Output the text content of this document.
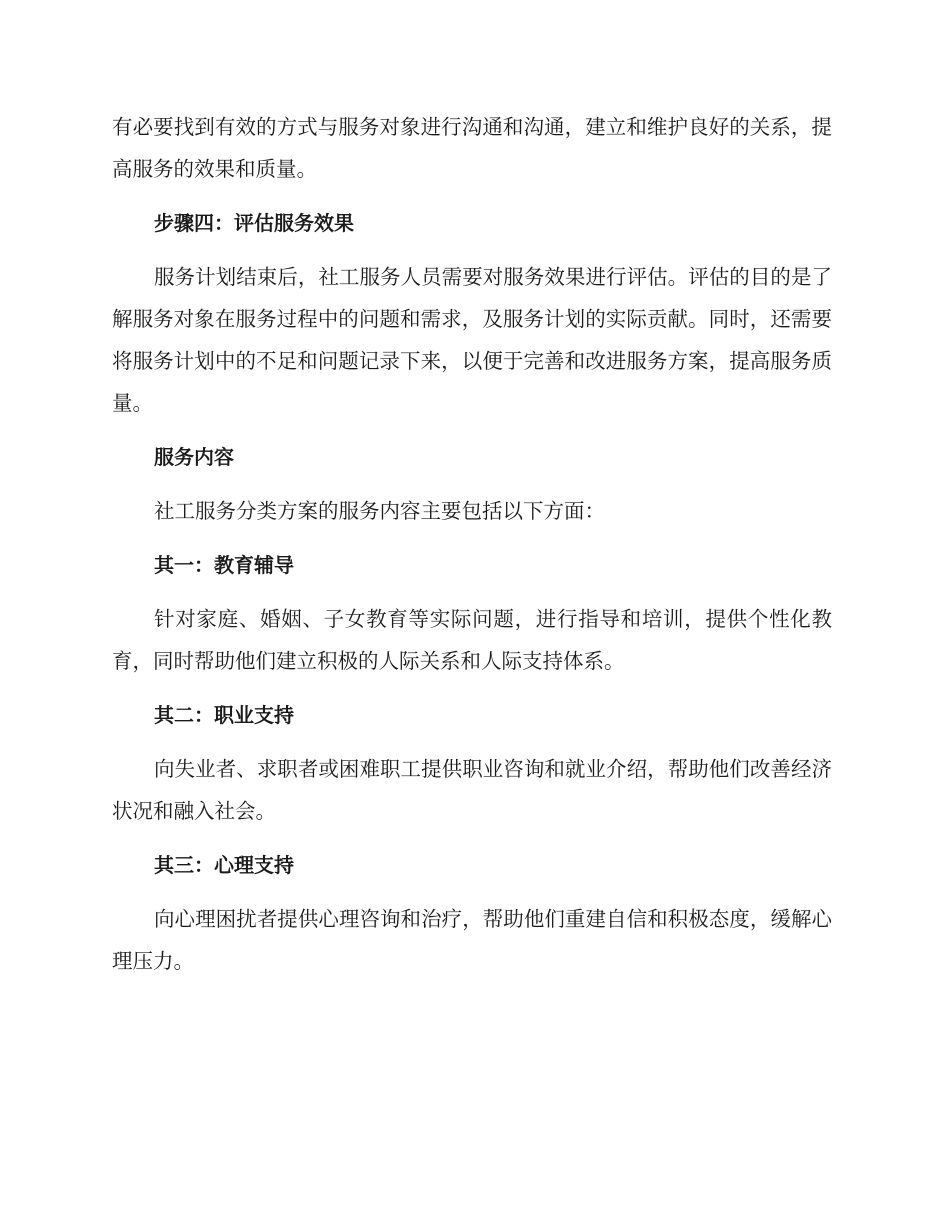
有必要找到有效的方式与服务对象进行沟通和沟通，建立和维护良好的关系，提高服务的效果和质量。

步骤四：评估服务效果

服务计划结束后，社工服务人员需要对服务效果进行评估。评估的目的是了解服务对象在服务过程中的问题和需求，及服务计划的实际贡献。同时，还需要将服务计划中的不足和问题记录下来，以便于完善和改进服务方案，提高服务质量。

服务内容

社工服务分类方案的服务内容主要包括以下方面：

其一：教育辅导

针对家庭、婚姻、子女教育等实际问题，进行指导和培训，提供个性化教育，同时帮助他们建立积极的人际关系和人际支持体系。

其二：职业支持

向失业者、求职者或困难职工提供职业咨询和就业介绍，帮助他们改善经济状况和融入社会。

其三：心理支持

向心理困扰者提供心理咨询和治疗，帮助他们重建自信和积极态度，缓解心理压力。
